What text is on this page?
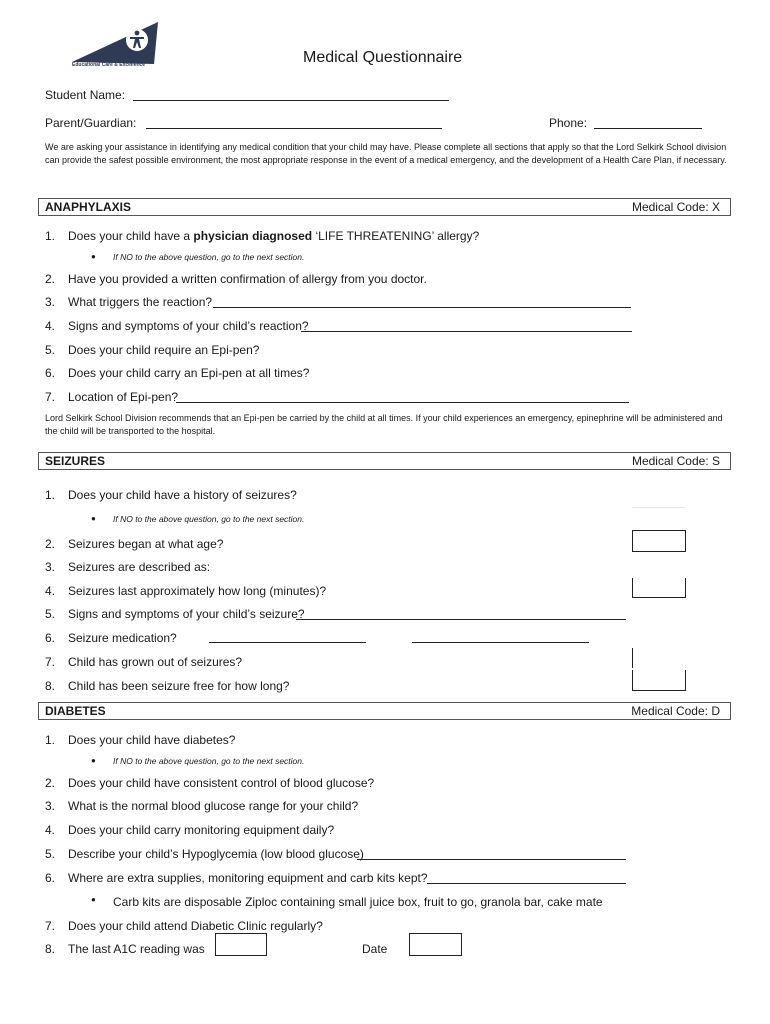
Educational Care & Excellence	Medical Questionnaire
Student Name:
Parent/Guardian:	Phone:
We are asking your assistance in identifying any medical condition that your child may have. Please complete all sections that apply so that the Lord Selkirk School division can provide the safest possible environment, the most appropriate response in the event of a medical emergency, and the development of a Health Care Plan, if necessary.
ANAPHYLAXIS	Medical Code: X
1. Does your child have a physician diagnosed ‘LIFE THREATENING’ allergy?
● If NO to the above question, go to the next section.
2. Have you provided a written confirmation of allergy from you doctor.
3. What triggers the reaction?
4. Signs and symptoms of your child’s reaction?
5. Does your child require an Epi-pen?
6. Does your child carry an Epi-pen at all times?
7. Location of Epi-pen?
Lord Selkirk School Division recommends that an Epi-pen be carried by the child at all times. If your child experiences an emergency, epinephrine will be administered and the child will be transported to the hospital.
SEIZURES	Medical Code: S
1. Does your child have a history of seizures?
● If NO to the above question, go to the next section.
2. Seizures began at what age?
3. Seizures are described as:
4. Seizures last approximately how long (minutes)?
5. Signs and symptoms of your child’s seizure?
6. Seizure medication?
7. Child has grown out of seizures?
8. Child has been seizure free for how long?
DIABETES	Medical Code: D
1. Does your child have diabetes?
● If NO to the above question, go to the next section.
2. Does your child have consistent control of blood glucose?
3. What is the normal blood glucose range for your child?
4. Does your child carry monitoring equipment daily?
5. Describe your child’s Hypoglycemia (low blood glucose)
6. Where are extra supplies, monitoring equipment and carb kits kept?
● Carb kits are disposable Ziploc containing small juice box, fruit to go, granola bar, cake mate
7. Does your child attend Diabetic Clinic regularly?
8. The last A1C reading was	Date
